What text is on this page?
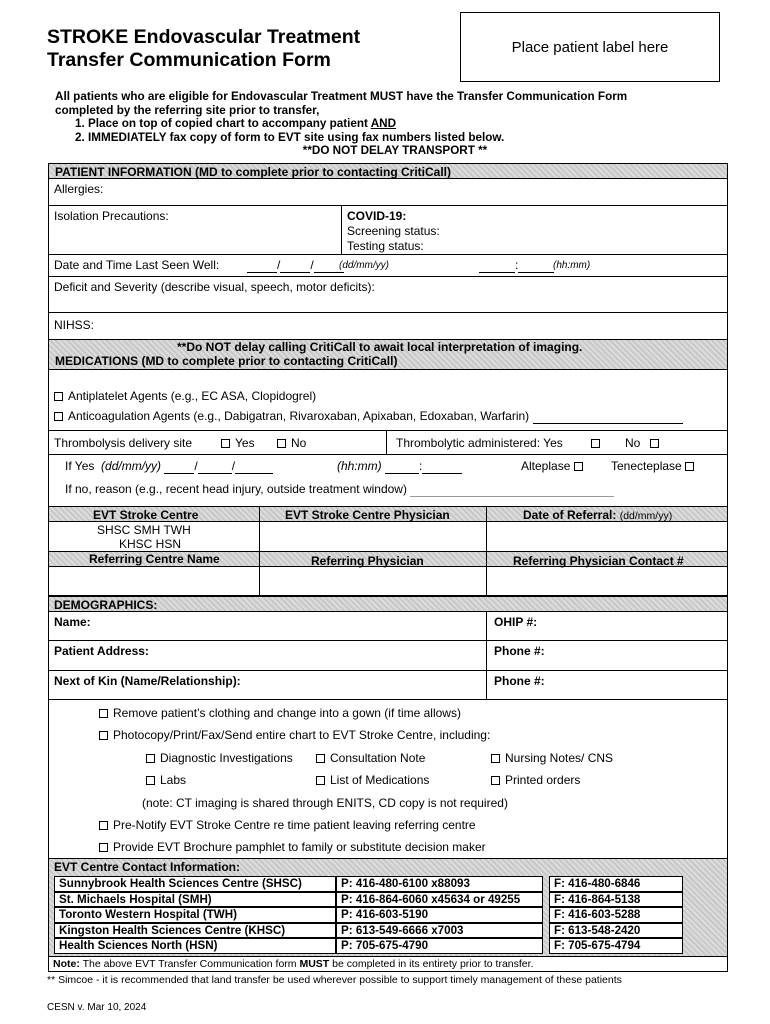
STROKE Endovascular Treatment
Transfer Communication Form
Place patient label here
All patients who are eligible for Endovascular Treatment MUST have the Transfer Communication Form
completed by the referring site prior to transfer,
1. Place on top of copied chart to accompany patient AND
2. IMMEDIATELY fax copy of form to EVT site using fax numbers listed below.
**DO NOT DELAY TRANSPORT **
PATIENT INFORMATION (MD to complete prior to contacting CritiCall)
Allergies:
Isolation Precautions:	COVID-19:
Screening status:
Testing status:
Date and Time Last Seen Well:	/	/	(dd/mm/yy)	:	(hh:mm)
Deficit and Severity (describe visual, speech, motor deficits):
NIHSS:
**Do NOT delay calling CritiCall to await local interpretation of imaging.
MEDICATIONS (MD to complete prior to contacting CritiCall)
Antiplatelet Agents (e.g., EC ASA, Clopidogrel)
Anticoagulation Agents (e.g., Dabigatran, Rivaroxaban, Apixaban, Edoxaban, Warfarin)
Thrombolysis delivery site	Yes	No	Thrombolytic administered: Yes	No
If Yes (dd/mm/yy)	/	/	(hh:mm)	:	Alteplase	Tenecteplase
If no, reason (e.g., recent head injury, outside treatment window)
EVT Stroke Centre	EVT Stroke Centre Physician	Date of Referral: (dd/mm/yy)
SHSC SMH TWH
KHSC HSN
Referring Centre Name	Referring Physician	Referring Physician Contact #
DEMOGRAPHICS:
Name:	OHIP #:
Patient Address:	Phone #:
Next of Kin (Name/Relationship):	Phone #:
Remove patient’s clothing and change into a gown (if time allows)
Photocopy/Print/Fax/Send entire chart to EVT Stroke Centre, including:
Diagnostic Investigations	Consultation Note	Nursing Notes/ CNS
Labs	List of Medications	Printed orders
(note: CT imaging is shared through ENITS, CD copy is not required)
Pre-Notify EVT Stroke Centre re time patient leaving referring centre
Provide EVT Brochure pamphlet to family or substitute decision maker
EVT Centre Contact Information:
Sunnybrook Health Sciences Centre (SHSC)	P: 416-480-6100 x88093	F: 416-480-6846
St. Michaels Hospital (SMH)	P: 416-864-6060 x45634 or 49255	F: 416-864-5138
Toronto Western Hospital (TWH)	P: 416-603-5190	F: 416-603-5288
Kingston Health Sciences Centre (KHSC)	P: 613-549-6666 x7003	F: 613-548-2420
Health Sciences North (HSN)	P: 705-675-4790	F: 705-675-4794
Note: The above EVT Transfer Communication form MUST be completed in its entirety prior to transfer.
** Simcoe - it is recommended that land transfer be used wherever possible to support timely management of these patients
CESN v. Mar 10, 2024
